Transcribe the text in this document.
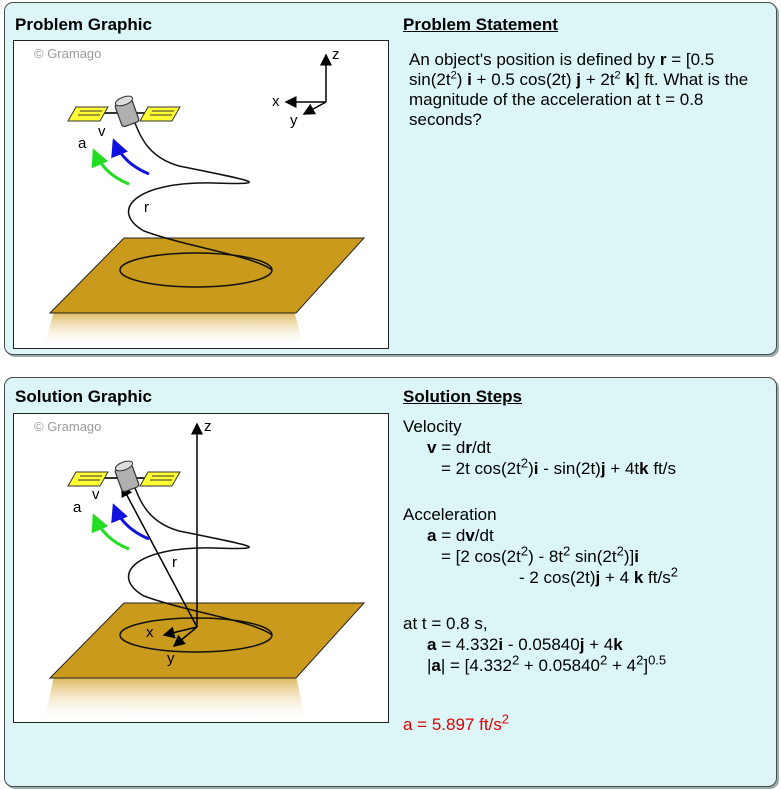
Problem Graphic	Problem Statement
© Gramago	z
x
y
v
a
r
An object's position is defined by r = [0.5 $\sin(2t^2) i + 0.5$ cos(2t) $j + 2t^2$ k] ft. What is the magnitude of the acceleration at t = 0.8 seconds?
Solution Graphic	Solution Steps
© Gramago	z
x
y
v
a
r
Velocity
v = dr/dt
= 2t $\cos(2t^2)i - \sin(2t)j + 4tk$ ft/s
Acceleration
a = dv/dt
= [2 $\cos(2t^2) - 8t^2$ $\sin(2t^2)]i$
- 2 cos(2t)j + 4 k $ft/s^2$
at t = 0.8 s,
a = 4.332i - 0.05840j + 4k
$|a| = [4.332^2 + 0.05840^2 + 4^2]^{0.5}$
a = 5.897 $ft/s^2$
